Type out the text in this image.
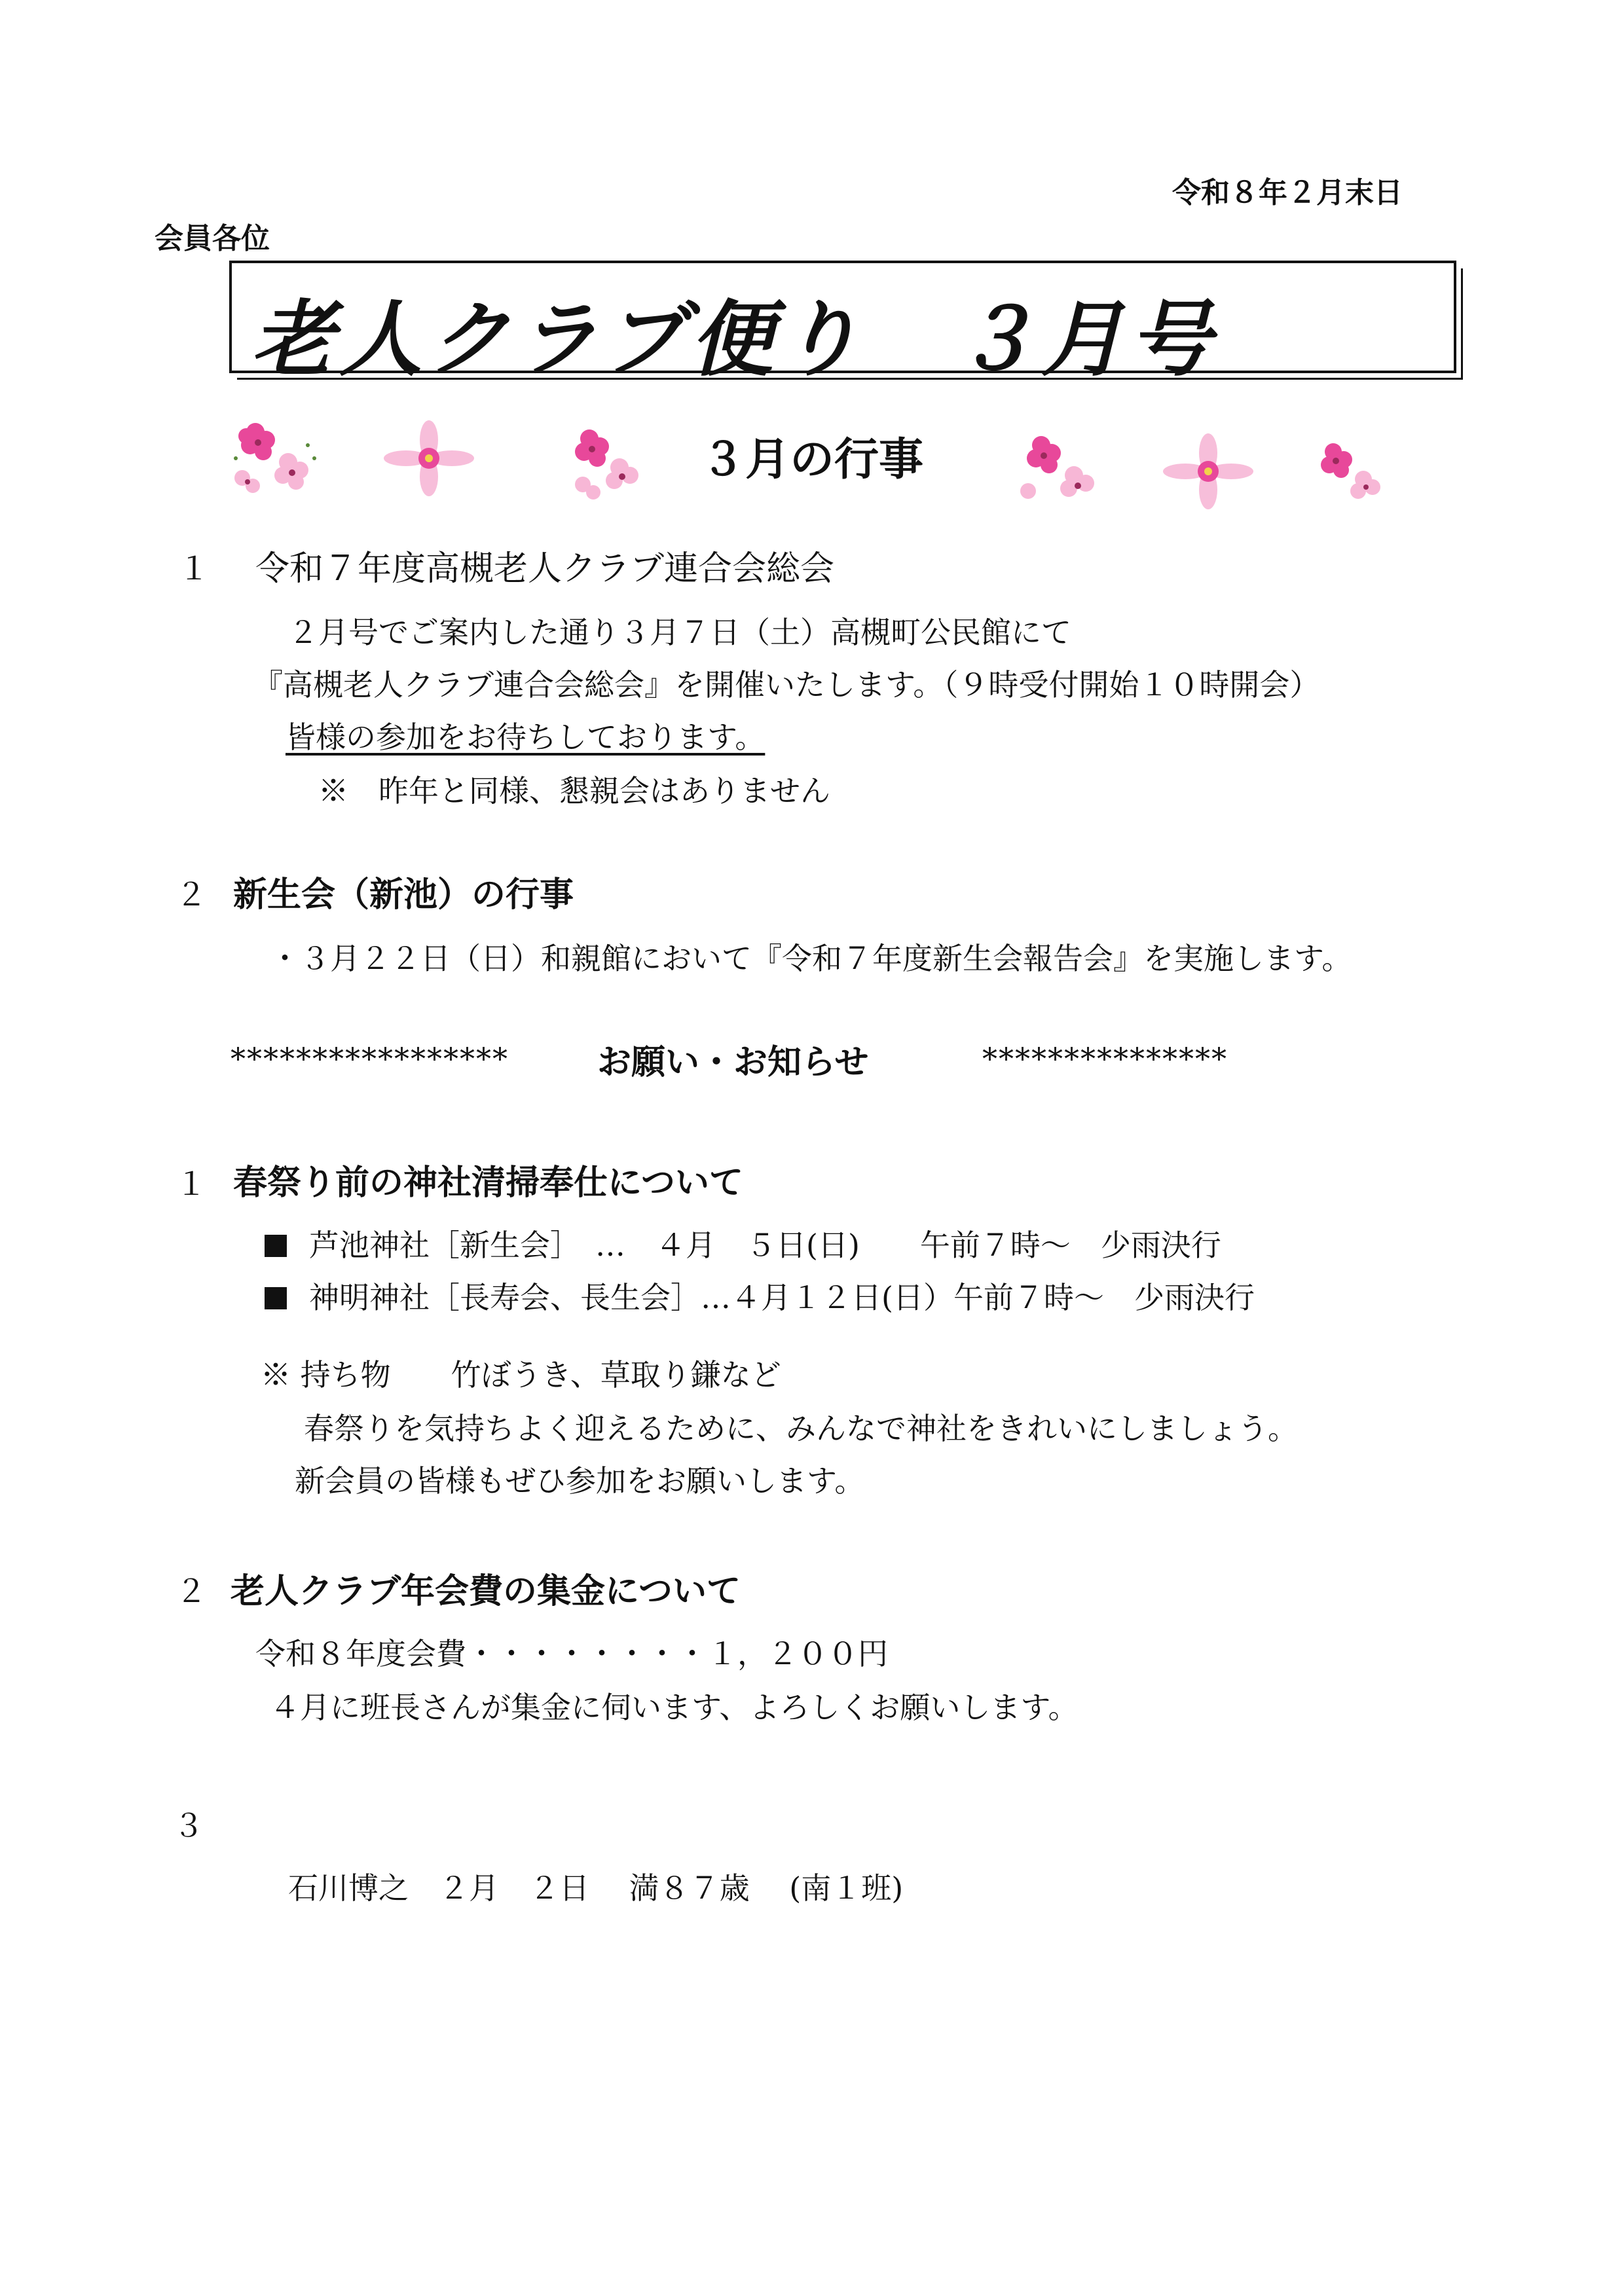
令和８年２月末日
会員各位
老人クラブ便り　３月号
３月の行事
１ 令和７年度高槻老人クラブ連合会総会
２月号でご案内した通り３月７日（土）高槻町公民館にて
『高槻老人クラブ連合会総会』を開催いたします。（９時受付開始１０時開会）
皆様の参加をお待ちしております。
※　昨年と同様、懇親会はありません
２ 新生会（新池）の行事
・３月２２日（日）和親館において『令和７年度新生会報告会』を実施します。
*****************	お願い・お知らせ	***************
１ 春祭り前の神社清掃奉仕について
芦池神社［新生会］　…　４月　５日(日)　　午前７時～　少雨決行
神明神社［長寿会、長生会］…４月１２日(日）午前７時～　少雨決行
※ 持ち物　　竹ぼうき、草取り鎌など
春祭りを気持ちよく迎えるために、みんなで神社をきれいにしましょう。
新会員の皆様もぜひ参加をお願いします。
２ 老人クラブ年会費の集金について
令和８年度会費・・・・・・・・１，２００円
４月に班長さんが集金に伺います、よろしくお願いします。
３
石川博之　２月　２日　 満８７歳　 (南１班)
